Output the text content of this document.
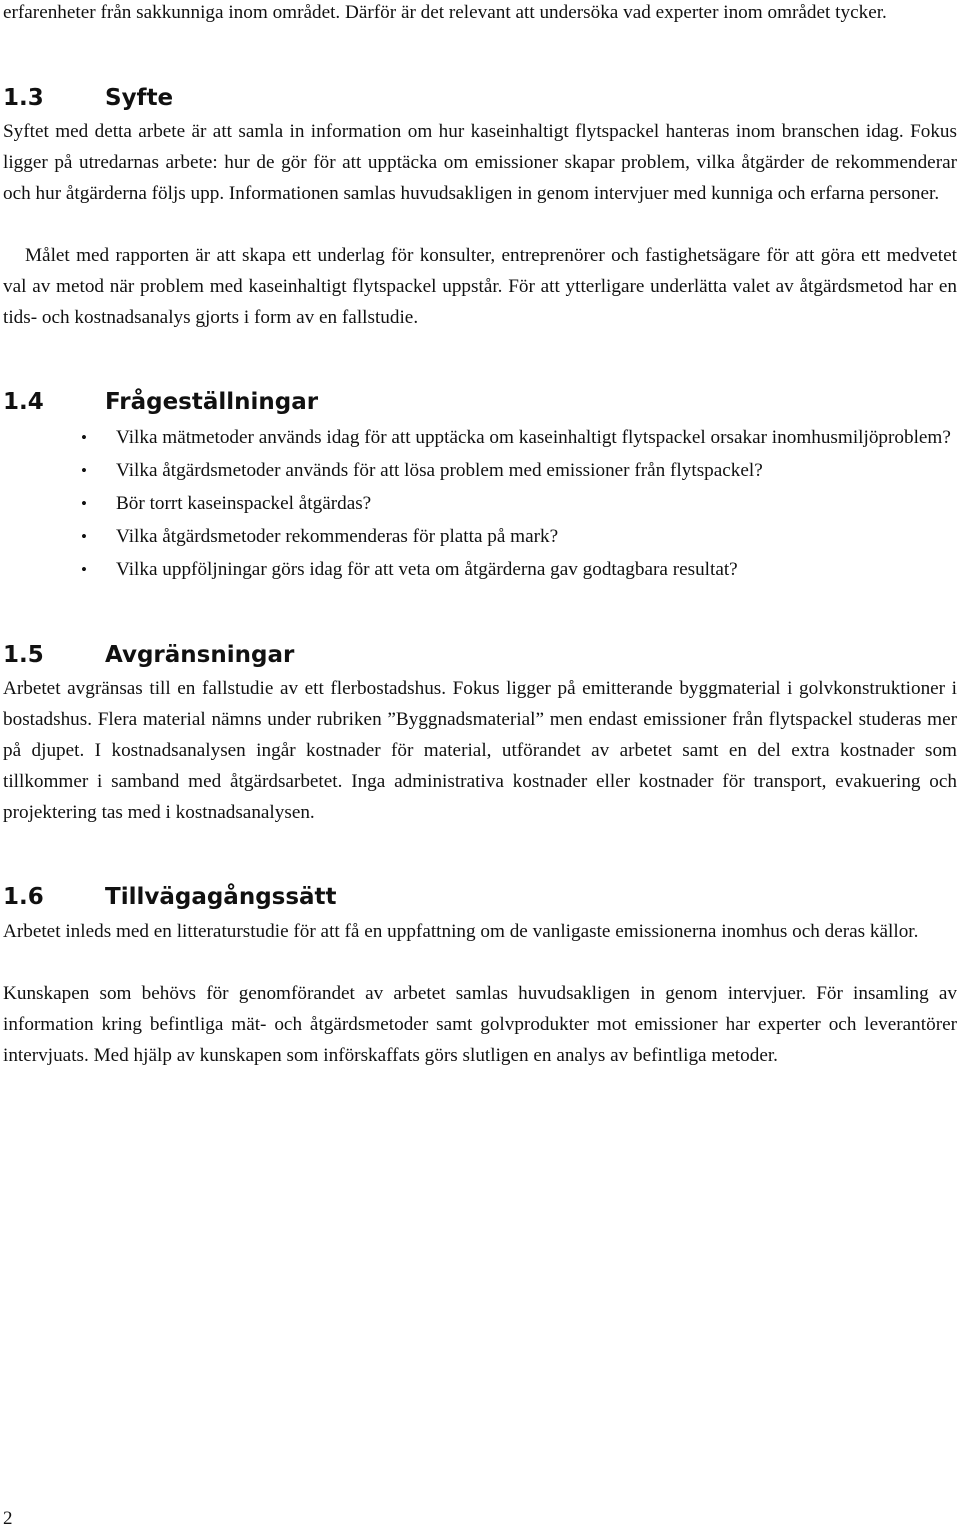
erfarenheter från sakkunniga inom området. Därför är det relevant att undersöka vad experter inom området tycker.

1.3	Syfte

Syftet med detta arbete är att samla in information om hur kaseinhaltigt flytspackel hanteras inom branschen idag. Fokus ligger på utredarnas arbete: hur de gör för att upptäcka om emissioner skapar problem, vilka åtgärder de rekommenderar och hur åtgärderna följs upp. Informationen samlas huvudsakligen in genom intervjuer med kunniga och erfarna personer.

Målet med rapporten är att skapa ett underlag för konsulter, entreprenörer och fastighetsägare för att göra ett medvetet val av metod när problem med kaseinhaltigt flytspackel uppstår. För att ytterligare underlätta valet av åtgärdsmetod har en tids- och kostnadsanalys gjorts i form av en fallstudie.

1.4	Frågeställningar
• Vilka mätmetoder används idag för att upptäcka om kaseinhaltigt flytspackel orsakar inomhusmiljöproblem?
• Vilka åtgärdsmetoder används för att lösa problem med emissioner från flytspackel?
• Bör torrt kaseinspackel åtgärdas?
• Vilka åtgärdsmetoder rekommenderas för platta på mark?
• Vilka uppföljningar görs idag för att veta om åtgärderna gav godtagbara resultat?
1.5	Avgränsningar

Arbetet avgränsas till en fallstudie av ett flerbostadshus. Fokus ligger på emitterande byggmaterial i golvkonstruktioner i bostadshus. Flera material nämns under rubriken ”Byggnadsmaterial” men endast emissioner från flytspackel studeras mer på djupet. I kostnadsanalysen ingår kostnader för material, utförandet av arbetet samt en del extra kostnader som tillkommer i samband med åtgärdsarbetet. Inga administrativa kostnader eller kostnader för transport, evakuering och projektering tas med i kostnadsanalysen.

1.6	Tillvägagångssätt

Arbetet inleds med en litteraturstudie för att få en uppfattning om de vanligaste emissionerna inomhus och deras källor.

Kunskapen som behövs för genomförandet av arbetet samlas huvudsakligen in genom intervjuer. För insamling av information kring befintliga mät- och åtgärdsmetoder samt golvprodukter mot emissioner har experter och leverantörer intervjuats. Med hjälp av kunskapen som införskaffats görs slutligen en analys av befintliga metoder.

2
